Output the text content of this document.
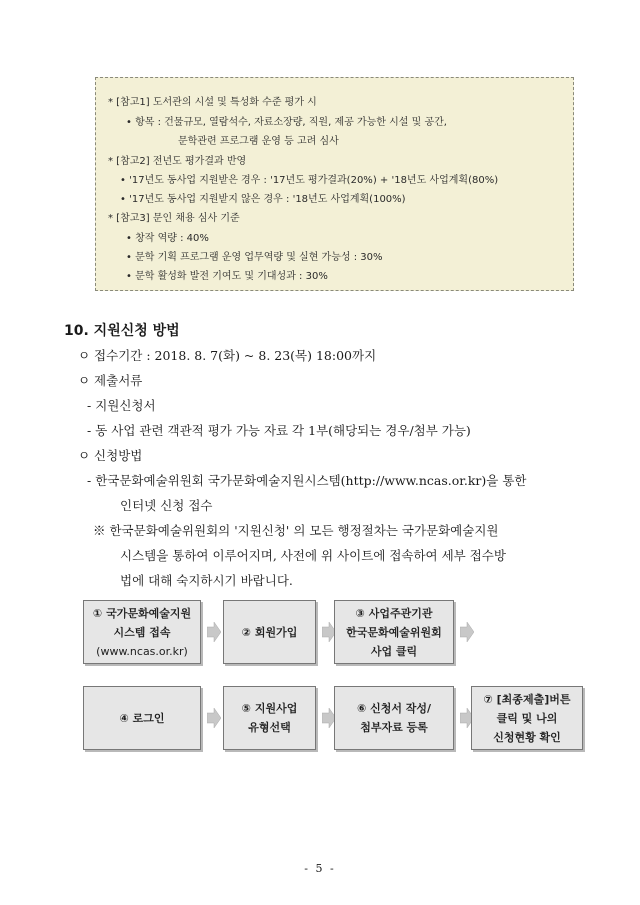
* [참고1] 도서관의 시설 및 특성화 수준 평가 시
• 항목 : 건물규모, 열람석수, 자료소장량, 직원, 제공 가능한 시설 및 공간,
문학관련 프로그램 운영 등 고려 심사
* [참고2] 전년도 평가결과 반영
• '17년도 동사업 지원받은 경우 : '17년도 평가결과(20%) + '18년도 사업계획(80%)
• '17년도 동사업 지원받지 않은 경우 : '18년도 사업계획(100%)
* [참고3] 문인 채용 심사 기준
• 창작 역량 : 40%
• 문학 기획 프로그램 운영 업무역량 및 실현 가능성 : 30%
• 문학 활성화 발전 기여도 및 기대성과 : 30%
10. 지원신청 방법
ㅇ 접수기간 : 2018. 8. 7(화) ~ 8. 23(목) 18:00까지
ㅇ 제출서류
- 지원신청서
- 동 사업 관련 객관적 평가 가능 자료 각 1부(해당되는 경우/첨부 가능)
ㅇ 신청방법
- 한국문화예술위원회 국가문화예술지원시스템(http://www.ncas.or.kr)을 통한
인터넷 신청 접수
※ 한국문화예술위원회의 '지원신청' 의 모든 행정절차는 국가문화예술지원
시스템을 통하여 이루어지며, 사전에 위 사이트에 접속하여 세부 접수방
법에 대해 숙지하시기 바랍니다.
① 국가문화예술지원
시스템 접속
(www.ncas.or.kr)
② 회원가입
③ 사업주관기관
한국문화예술위원회
사업 클릭
④ 로그인
⑤ 지원사업
유형선택
⑥ 신청서 작성/
첨부자료 등록
⑦ [최종제출]버튼
클릭 및 나의
신청현황 확인
- 5 -
